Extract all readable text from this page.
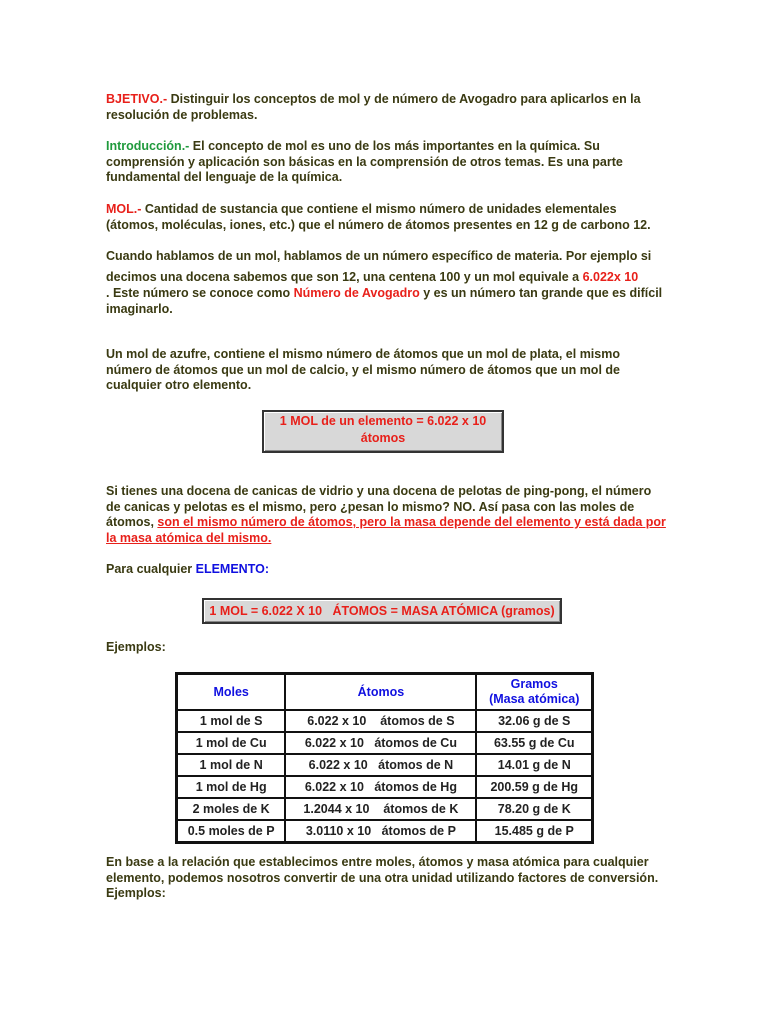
BJETIVO.- Distinguir los conceptos de mol y de número de Avogadro para aplicarlos en la resolución de problemas.

Introducción.- El concepto de mol es uno de los más importantes en la química. Su comprensión y aplicación son básicas en la comprensión de otros temas. Es una parte fundamental del lenguaje de la química.

MOL.- Cantidad de sustancia que contiene el mismo número de unidades elementales (átomos, moléculas, iones, etc.) que el número de átomos presentes en 12 g de carbono 12.

Cuando hablamos de un mol, hablamos de un número específico de materia. Por ejemplo si

decimos una docena sabemos que son 12, una centena 100 y un mol equivale a 6.022x 10

. Este número se conoce como Número de Avogadro y es un número tan grande que es difícil imaginarlo.

Un mol de azufre, contiene el mismo número de átomos que un mol de plata, el mismo número de átomos que un mol de calcio, y el mismo número de átomos que un mol de cualquier otro elemento.

1 MOL de un elemento = 6.022 x 10
átomos

Si tienes una docena de canicas de vidrio y una docena de pelotas de ping-pong, el número de canicas y pelotas es el mismo, pero ¿pesan lo mismo? NO. Así pasa con las moles de átomos, son el mismo número de átomos, pero la masa depende del elemento y está dada por la masa atómica del mismo.

Para cualquier ELEMENTO:

1 MOL = 6.022 X 10   ÁTOMOS = MASA ATÓMICA (gramos)

Ejemplos:

Moles	Átomos	Gramos
(Masa atómica)

1 mol de S	6.022 x 10    átomos de S	32.06 g de S
1 mol de Cu	6.022 x 10   átomos de Cu	63.55 g de Cu
1 mol de N	6.022 x 10   átomos de N	14.01 g de N
1 mol de Hg	6.022 x 10   átomos de Hg	200.59 g de Hg
2 moles de K	1.2044 x 10    átomos de K	78.20 g de K
0.5 moles de P	3.0110 x 10   átomos de P	15.485 g de P

En base a la relación que establecimos entre moles, átomos y masa atómica para cualquier elemento, podemos nosotros convertir de una otra unidad utilizando factores de conversión. Ejemplos:
